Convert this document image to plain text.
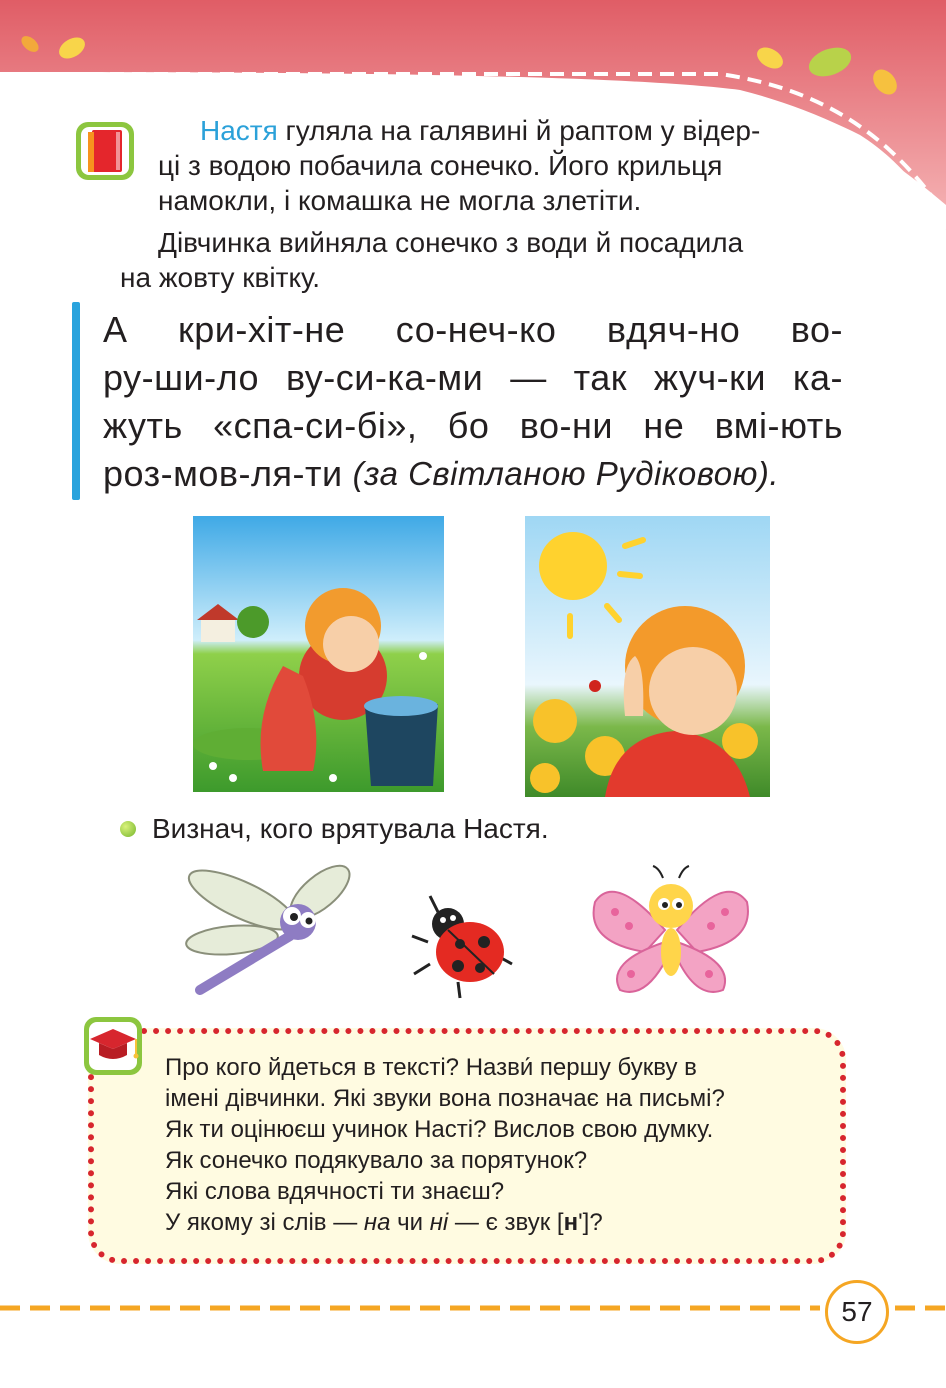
Настя гуляла на галявині й раптом у відер-
ці з водою побачила сонечко. Його крильця
намокли, і комашка не могла злетіти.
Дівчинка вийняла сонечко з води й посадила
на жовту квітку.
А кри-хіт-не со-неч-ко вдяч-но во-
ру-ши-ло ву-си-ка-ми — так жуч-ки ка-
жуть «спа-си-бі», бо во-ни не вмі-ють
роз-мов-ля-ти (за Світланою Рудіковою).
Визнач, кого врятувала Настя.
Про кого йдеться в тексті? Назви́ першу букву в
імені дівчинки. Які звуки вона позначає на письмі?
Як ти оцінюєш учинок Насті? Вислов свою думку.
Як сонечко подякувало за порятунок?
Які слова вдячності ти знаєш?
У якому зі слів — на чи ні — є звук [н']?
57
